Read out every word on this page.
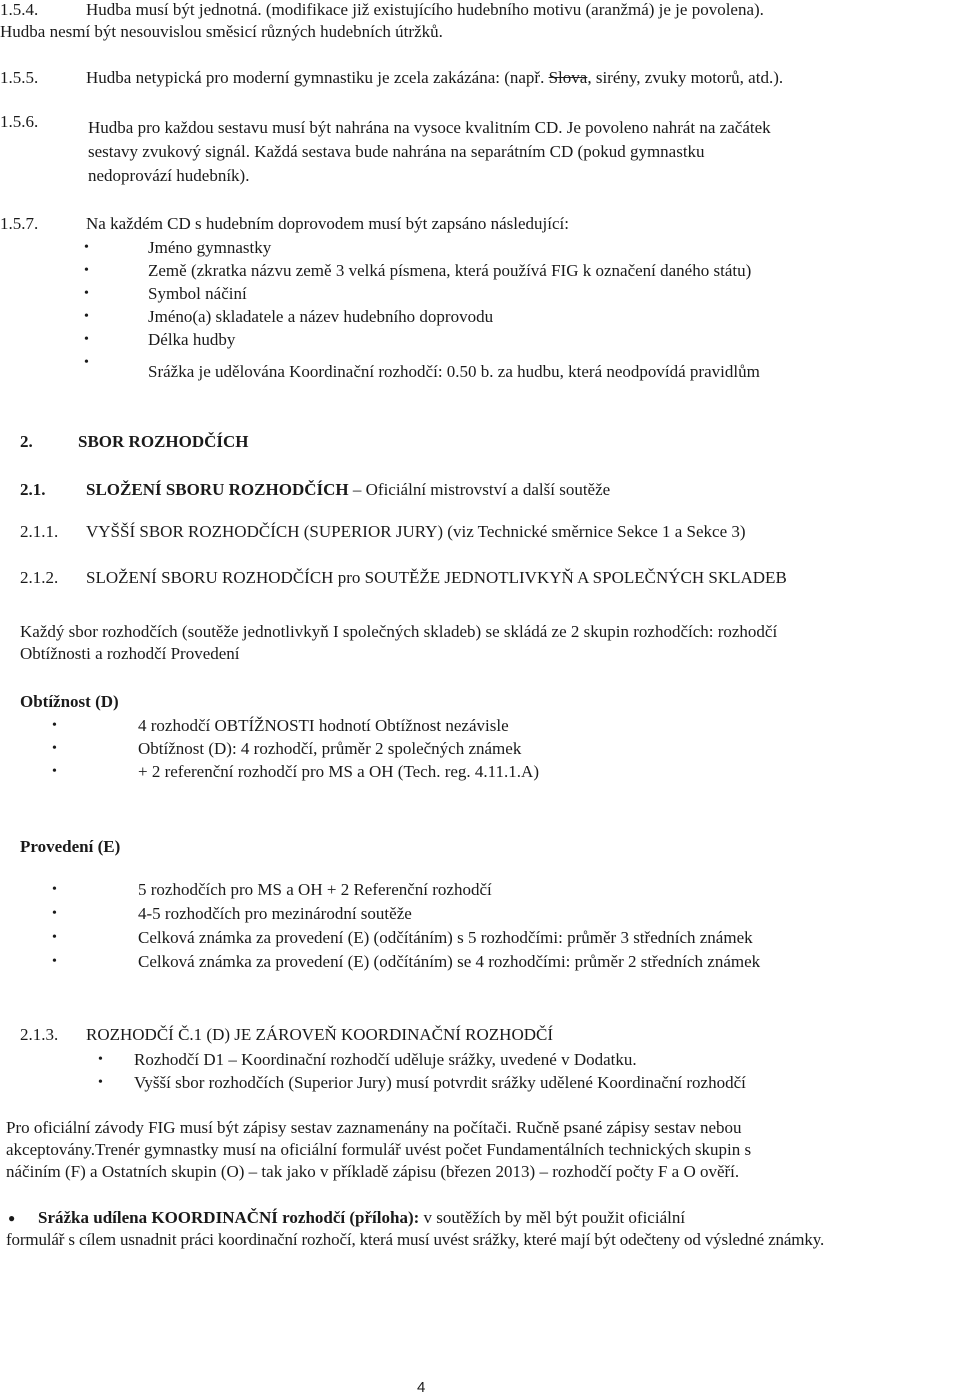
1.5.4.	Hudba musí být jednotná. (modifikace již existujícího hudebního motivu (aranžmá) je je povolena).
Hudba nesmí být nesouvislou směsicí různých hudebních útržků.
1.5.5.	Hudba netypická pro moderní gymnastiku je zcela zakázána: (např. Slova, sirény, zvuky motorů, atd.).
1.5.6.	Hudba pro každou sestavu musí být nahrána na vysoce kvalitním CD. Je povoleno nahrát na začátek
sestavy zvukový signál. Každá sestava bude nahrána na separátním CD (pokud gymnastku
nedoprovází hudebník).
1.5.7.	Na každém CD s hudebním doprovodem musí být zapsáno následující:
•	Jméno gymnastky
•	Země (zkratka názvu země 3 velká písmena, která používá FIG k označení daného státu)
•	Symbol náčiní
•	Jméno(a) skladatele a název hudebního doprovodu
•	Délka hudby
•	Srážka je udělována Koordinační rozhodčí: 0.50 b. za hudbu, která neodpovídá pravidlům
2.	SBOR ROZHODČÍCH
2.1. SLOŽENÍ SBORU ROZHODČÍCH – Oficiální mistrovství a další soutěže
2.1.1. VYŠŠÍ SBOR ROZHODČÍCH (SUPERIOR JURY) (viz Technické směrnice Sekce 1 a Sekce 3)
2.1.2. SLOŽENÍ SBORU ROZHODČÍCH pro SOUTĚŽE JEDNOTLIVKYŇ A SPOLEČNÝCH SKLADEB
Každý sbor rozhodčích (soutěže jednotlivkyň I společných skladeb) se skládá ze 2 skupin rozhodčích: rozhodčí
Obtížnosti a rozhodčí Provedení
Obtížnost (D)
•	4 rozhodčí OBTÍŽNOSTI hodnotí Obtížnost nezávisle
•	Obtížnost (D): 4 rozhodčí, průměr 2 společných známek
•	+ 2 referenční rozhodčí pro MS a OH (Tech. reg. 4.11.1.A)
Provedení (E)
•	5 rozhodčích pro MS a OH + 2 Referenční rozhodčí
•	4-5 rozhodčích pro mezinárodní soutěže
•	Celková známka za provedení (E) (odčítáním) s 5 rozhodčími: průměr 3 středních známek
•	Celková známka za provedení (E) (odčítáním) se 4 rozhodčími: průměr 2 středních známek
2.1.3. ROZHODČÍ Č.1 (D) JE ZÁROVEŇ KOORDINAČNÍ ROZHODČÍ
• Rozhodčí D1 – Koordinační rozhodčí uděluje srážky, uvedené v Dodatku.
• Vyšší sbor rozhodčích (Superior Jury) musí potvrdit srážky udělené Koordinační rozhodčí
Pro oficiální závody FIG musí být zápisy sestav zaznamenány na počítači. Ručně psané zápisy sestav nebou
akceptovány.Trenér gymnastky musí na oficiální formulář uvést počet Fundamentálních technických skupin s
náčiním (F) a Ostatních skupin (O) – tak jako v příkladě zápisu (březen 2013) – rozhodčí počty F a O ověří.
● Srážka udílena KOORDINAČNÍ rozhodčí (příloha): v soutěžích by měl být použit oficiální
formulář s cílem usnadnit práci koordinační rozhočí, která musí uvést srážky, které mají být odečteny od výsledné známky.
4
